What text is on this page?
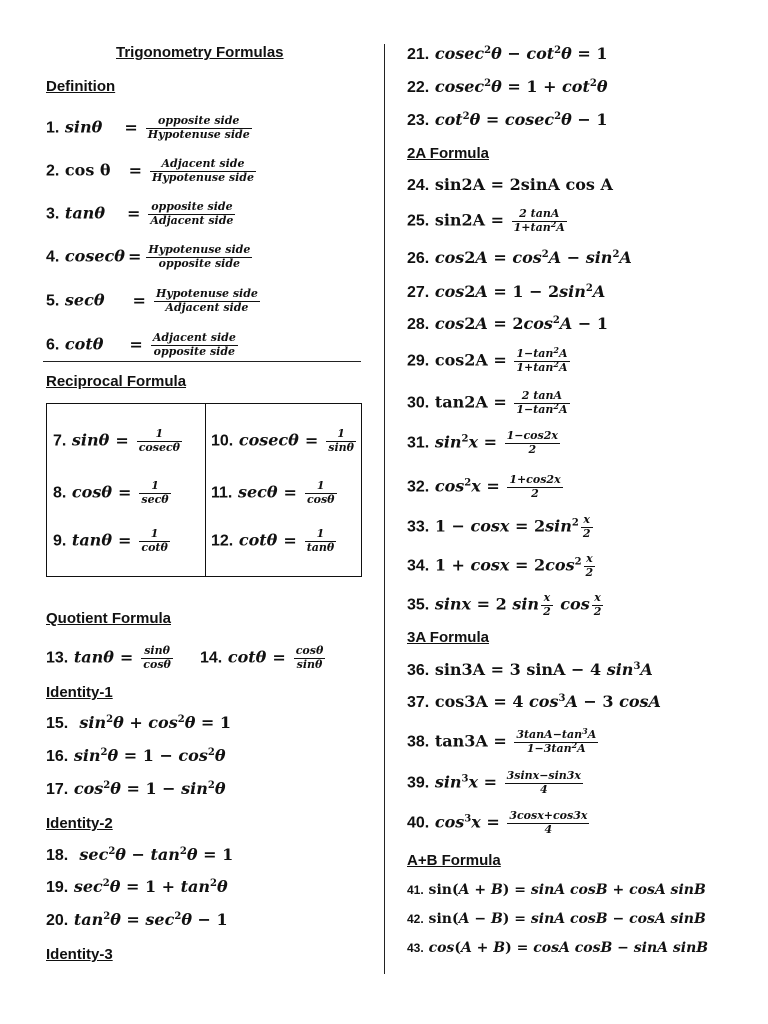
Trigonometry Formulas
Definition
1. sinθ =	opposite side
Hypotenuse side
2. cos θ =	Adjacent side
Hypotenuse side
3. tanθ = opposite side
Adjacent side
4. cosecθ = Hypotenuse side
opposite side
5. secθ = Hypotenuse side
Adjacent side
6. cotθ = Adjacent side
opposite side
Reciprocal Formula
7. sinθ =	1
cosecθ
8. cosθ =	1
secθ
9. $\tan\theta = \frac{1}{\cot\theta}$
10. $cosec\theta = \frac{1}{\sin\theta}$
11. $\sec\theta = \frac{1}{\cos\theta}$
12. $\cot\theta = \frac{1}{\tan\theta}$
Quotient Formula
13. $\tan\theta = \frac{\sin\theta}{\cos\theta} 14$. $\cot\theta = \frac{\cos\theta}{\sin\theta}$
Identity-1
15. $\sin^2\theta + \cos^2\theta = 1$
16. $\sin^2\theta = 1 - \cos^2\theta$
17. $\cos^2\theta = 1 - \sin^2\theta$
Identity-2
18. $\sec^2\theta - \tan^2\theta = 1$
19. $\sec^2\theta = 1 + \tan^2\theta$
20. $\tan^2\theta = \sec^2\theta - 1$
Identity-3
21. $cosec^2\theta - \cot^2\theta = 1$
22. $cosec^2\theta = 1 + \cot^2\theta$
23. $\cot^2\theta = cosec^2\theta - 1$
2A Formula
24. sin2A = 2sinA cos A
25. $\sin 2A = \frac{2 \tan A}{1+\tan^2A}$
26. $\cos 2A = \cos^2A - \sin^2A$
27. $\cos 2A = 1 - 2\sin^2A$
28. $\cos 2A = 2\cos^2A - 1$
29. $\cos 2A = \frac{1-\tan^2A}{1+\tan^2A}$
30. $\tan 2A = \frac{2 \tan A}{1-\tan^2A}$
31. $\sin^2x = \frac{1-\cos 2x}{2}$
32. $\cos^2x = \frac{1+\cos 2x}{2}$
33. $1 - \cos x = 2\sin^2 \frac{x}{2}$
34. $1 + \cos x = 2\cos^2 \frac{x}{2}$
35. sinx = 2 $\sin \frac{x}{2}$ $\cos \frac{x}{2}$
3A Formula
36. sin3A = 3 sinA − 4 $\sin^3A$
37. cos3A = 4 $\cos^3A - 3$ cosA
38. $\tan 3A = \frac{3\tan A-\tan^3A}{1-3\tan^2A}$
39. $\sin^3x = \frac{3\sin x-\sin 3x}{4}$
40. $\cos^3x = \frac{3\cos x+\cos 3x}{4}$
A+B Formula
41. sin(A + B) = sinA cosB + cosA sinB
42. sin(A − B) = sinA cosB − cosA sinB
43. cos(A + B) = cosA cosB − sinA sinB
